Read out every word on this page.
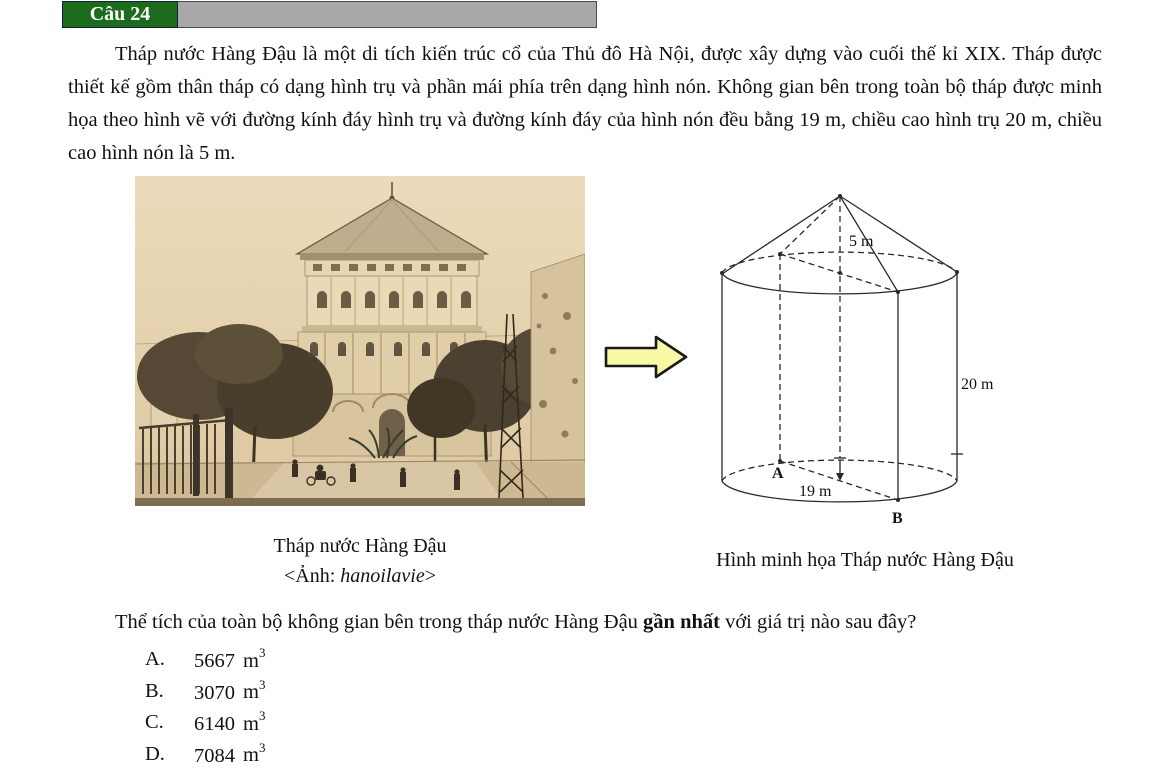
Câu 24
Tháp nước Hàng Đậu là một di tích kiến trúc cổ của Thủ đô Hà Nội, được xây dựng vào cuối thế kỉ XIX. Tháp được thiết kế gồm thân tháp có dạng hình trụ và phần mái phía trên dạng hình nón. Không gian bên trong toàn bộ tháp được minh họa theo hình vẽ với đường kính đáy hình trụ và đường kính đáy của hình nón đều bằng 19 m, chiều cao hình trụ 20 m, chiều cao hình nón là 5 m.
5 m
20 m
19 m
A
B
Tháp nước Hàng Đậu
<Ảnh: hanoilavie>
Hình minh họa Tháp nước Hàng Đậu
Thể tích của toàn bộ không gian bên trong tháp nước Hàng Đậu gần nhất với giá trị nào sau đây?
A.	5667 $m^3$
B.	3070 $m^3$
C.	6140 $m^3$
D.	7084 $m^3$
